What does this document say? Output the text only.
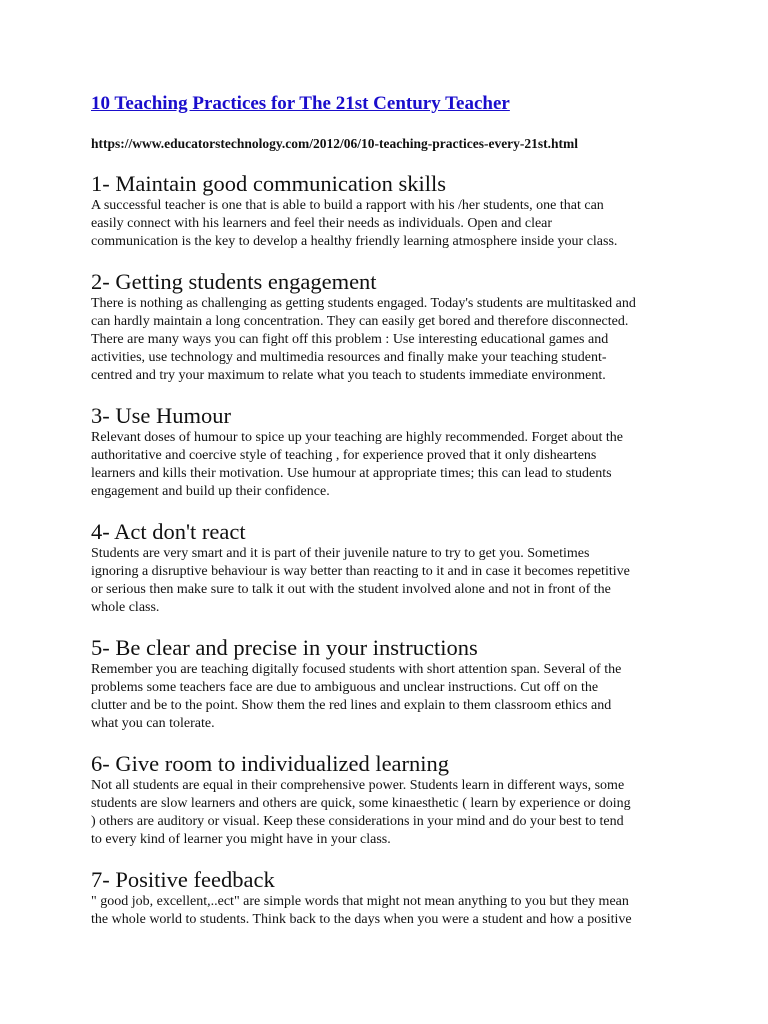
10 Teaching Practices for The 21st Century Teacher
https://www.educatorstechnology.com/2012/06/10-teaching-practices-every-21st.html
1- Maintain good communication skills

A successful teacher is one that is able to build a rapport with his /her students, one that can
easily connect with his learners and feel their needs as individuals. Open and clear
communication is the key to develop a healthy friendly learning atmosphere inside your class.

2- Getting students engagement

There is nothing as challenging as getting students engaged. Today's students are multitasked and
can hardly maintain a long concentration. They can easily get bored and therefore disconnected.
There are many ways you can fight off this problem : Use interesting educational games and
activities, use technology and multimedia resources and finally make your teaching student-
centred and try your maximum to relate what you teach to students immediate environment.

3- Use Humour

Relevant doses of humour to spice up your teaching are highly recommended. Forget about the
authoritative and coercive style of teaching , for experience proved that it only disheartens
learners and kills their motivation. Use humour at appropriate times; this can lead to students
engagement and build up their confidence.

4- Act don't react

Students are very smart and it is part of their juvenile nature to try to get you. Sometimes
ignoring a disruptive behaviour is way better than reacting to it and in case it becomes repetitive
or serious then make sure to talk it out with the student involved alone and not in front of the
whole class.

5- Be clear and precise in your instructions

Remember you are teaching digitally focused students with short attention span. Several of the
problems some teachers face are due to ambiguous and unclear instructions. Cut off on the
clutter and be to the point. Show them the red lines and explain to them classroom ethics and
what you can tolerate.

6- Give room to individualized learning

Not all students are equal in their comprehensive power. Students learn in different ways, some
students are slow learners and others are quick, some kinaesthetic ( learn by experience or doing
) others are auditory or visual. Keep these considerations in your mind and do your best to tend
to every kind of learner you might have in your class.

7- Positive feedback

" good job, excellent,..ect" are simple words that might not mean anything to you but they mean
the whole world to students. Think back to the days when you were a student and how a positive
